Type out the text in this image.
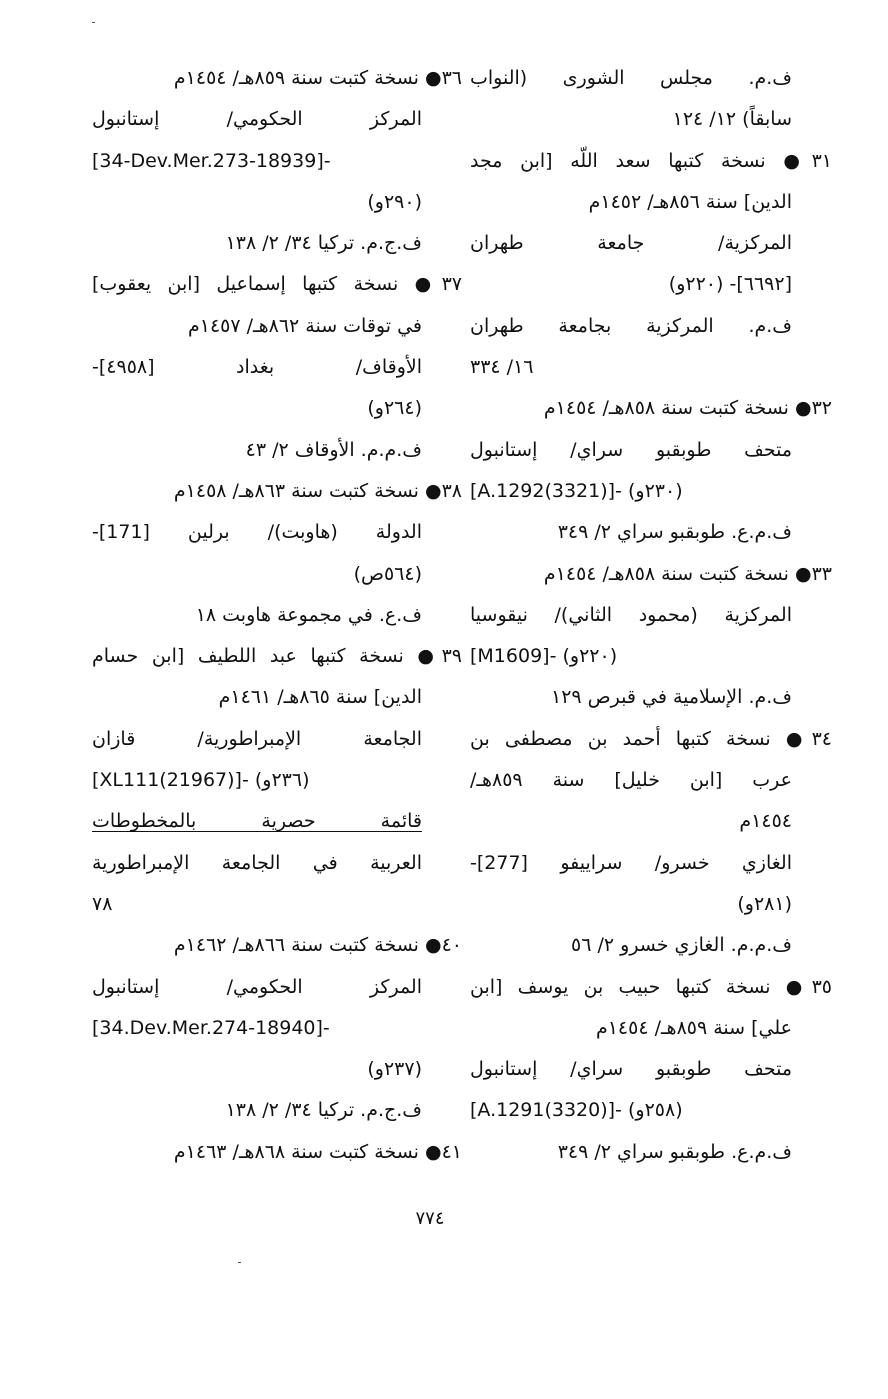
ف.م. مجلس الشورى (النواب
سابقاً) ١٢/ ١٢٤
٣١● نسخة كتبها سعد اللّه [ابن مجد
الدين] سنة ٨٥٦هـ/ ١٤٥٢م
المركزية/ جامعة طهران
[٦٦٩٢]- (٢٢٠و)
ف.م. المركزية بجامعة طهران
١٦/ ٣٣٤
٣٢● نسخة كتبت سنة ٨٥٨هـ/ ١٤٥٤م
متحف طوبقبو سراي/ إستانبول
[A.1292(3321)]- (٢٣٠و)
ف.م.ع. طوبقبو سراي ٢/ ٣٤٩
٣٣● نسخة كتبت سنة ٨٥٨هـ/ ١٤٥٤م
المركزية (محمود الثاني)/ نيقوسيا
[M1609]- (٢٢٠و)
ف.م. الإسلامية في قبرص ١٢٩
٣٤● نسخة كتبها أحمد بن مصطفى بن
عرب [ابن خليل] سنة ٨٥٩هـ/
١٤٥٤م
الغازي خسرو/ سراييفو [277]-
(٢٨١و)
ف.م.م. الغازي خسرو ٢/ ٥٦
٣٥● نسخة كتبها حبيب بن يوسف [ابن
علي] سنة ٨٥٩هـ/ ١٤٥٤م
متحف طوبقبو سراي/ إستانبول
[A.1291(3320)]- (٢٥٨و)
ف.م.ع. طوبقبو سراي ٢/ ٣٤٩
٣٦● نسخة كتبت سنة ٨٥٩هـ/ ١٤٥٤م
المركز الحكومي/ إستانبول
[34-Dev.Mer.273-18939]-
(٢٩٠و)
ف.ج.م. تركيا ٣٤/ ٢/ ١٣٨
٣٧● نسخة كتبها إسماعيل [ابن يعقوب]
في توقات سنة ٨٦٢هـ/ ١٤٥٧م
الأوقاف/ بغداد [٤٩٥٨]-
(٢٦٤و)
ف.م.م. الأوقاف ٢/ ٤٣
٣٨● نسخة كتبت سنة ٨٦٣هـ/ ١٤٥٨م
الدولة (هاوبت)/ برلين [171]-
(٥٦٤ص)
ف.ع. في مجموعة هاوبت ١٨
٣٩● نسخة كتبها عبد اللطيف [ابن حسام
الدين] سنة ٨٦٥هـ/ ١٤٦١م
الجامعة الإمبراطورية/ قازان
[XL111(21967)]- (٢٣٦و)
قائمة حصرية بالمخطوطات
العربية في الجامعة الإمبراطورية
٧٨
٤٠● نسخة كتبت سنة ٨٦٦هـ/ ١٤٦٢م
المركز الحكومي/ إستانبول
[34.Dev.Mer.274-18940]-
(٢٣٧و)
ف.ج.م. تركيا ٣٤/ ٢/ ١٣٨
٤١● نسخة كتبت سنة ٨٦٨هـ/ ١٤٦٣م
٧٧٤
